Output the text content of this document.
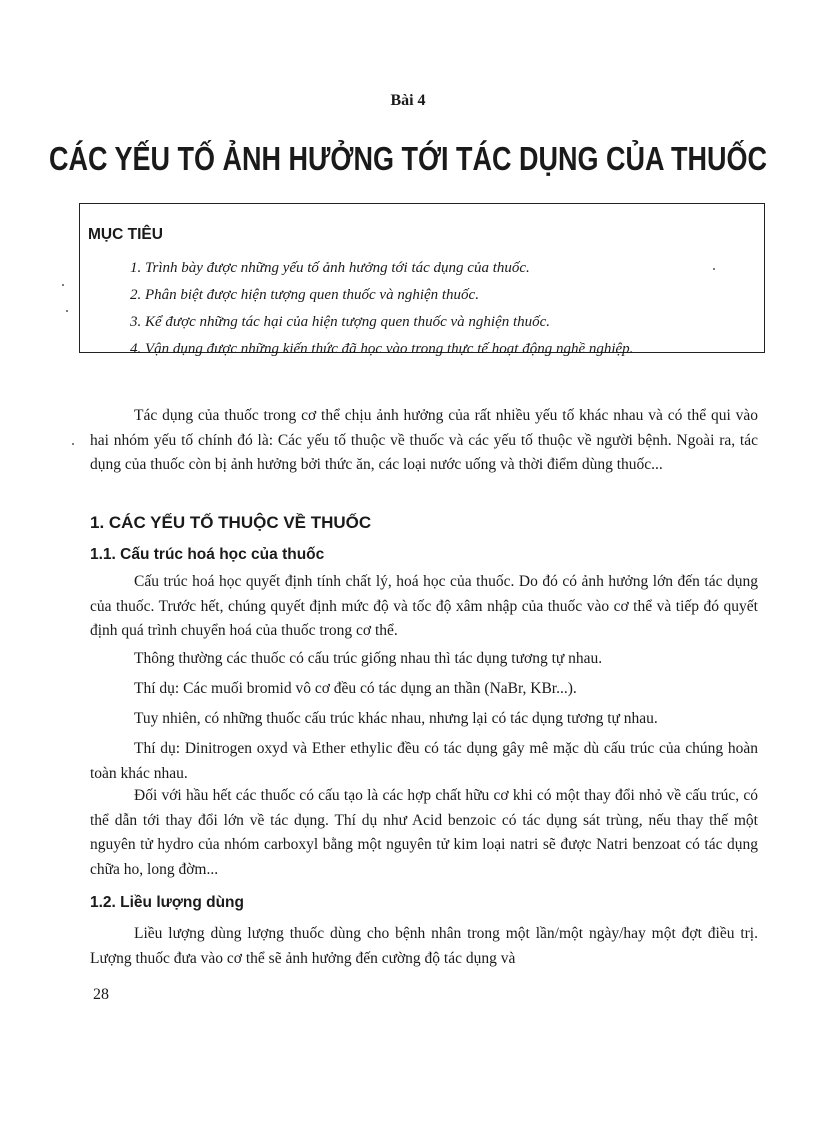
Bài 4
CÁC YẾU TỐ ẢNH HƯỞNG TỚI TÁC DỤNG CỦA THUỐC
MỤC TIÊU
1. Trình bày được những yếu tố ảnh hưởng tới tác dụng của thuốc.
2. Phân biệt được hiện tượng quen thuốc và nghiện thuốc.
3. Kể được những tác hại của hiện tượng quen thuốc và nghiện thuốc.
4. Vận dụng được những kiến thức đã học vào trong thực tế hoạt động nghề nghiệp.

Tác dụng của thuốc trong cơ thể chịu ảnh hưởng của rất nhiều yếu tố khác nhau và có thể qui vào hai nhóm yếu tố chính đó là: Các yếu tố thuộc về thuốc và các yếu tố thuộc về người bệnh. Ngoài ra, tác dụng của thuốc còn bị ảnh hưởng bởi thức ăn, các loại nước uống và thời điểm dùng thuốc...

1. CÁC YẾU TỐ THUỘC VỀ THUỐC
1.1. Cấu trúc hoá học của thuốc

Cấu trúc hoá học quyết định tính chất lý, hoá học của thuốc. Do đó có ảnh hưởng lớn đến tác dụng của thuốc. Trước hết, chúng quyết định mức độ và tốc độ xâm nhập của thuốc vào cơ thể và tiếp đó quyết định quá trình chuyển hoá của thuốc trong cơ thể.

Thông thường các thuốc có cấu trúc giống nhau thì tác dụng tương tự nhau.

Thí dụ: Các muối bromid vô cơ đều có tác dụng an thần (NaBr, KBr...).

Tuy nhiên, có những thuốc cấu trúc khác nhau, nhưng lại có tác dụng tương tự nhau.

Thí dụ: Dinitrogen oxyd và Ether ethylic đều có tác dụng gây mê mặc dù cấu trúc của chúng hoàn toàn khác nhau.

Đối với hầu hết các thuốc có cấu tạo là các hợp chất hữu cơ khi có một thay đổi nhỏ về cấu trúc, có thể dẫn tới thay đổi lớn về tác dụng. Thí dụ như Acid benzoic có tác dụng sát trùng, nếu thay thế một nguyên tử hydro của nhóm carboxyl bằng một nguyên tử kim loại natri sẽ được Natri benzoat có tác dụng chữa ho, long đờm...

1.2. Liều lượng dùng

Liều lượng dùng lượng thuốc dùng cho bệnh nhân trong một lần/một ngày/hay một đợt điều trị. Lượng thuốc đưa vào cơ thể sẽ ảnh hưởng đến cường độ tác dụng và

28
